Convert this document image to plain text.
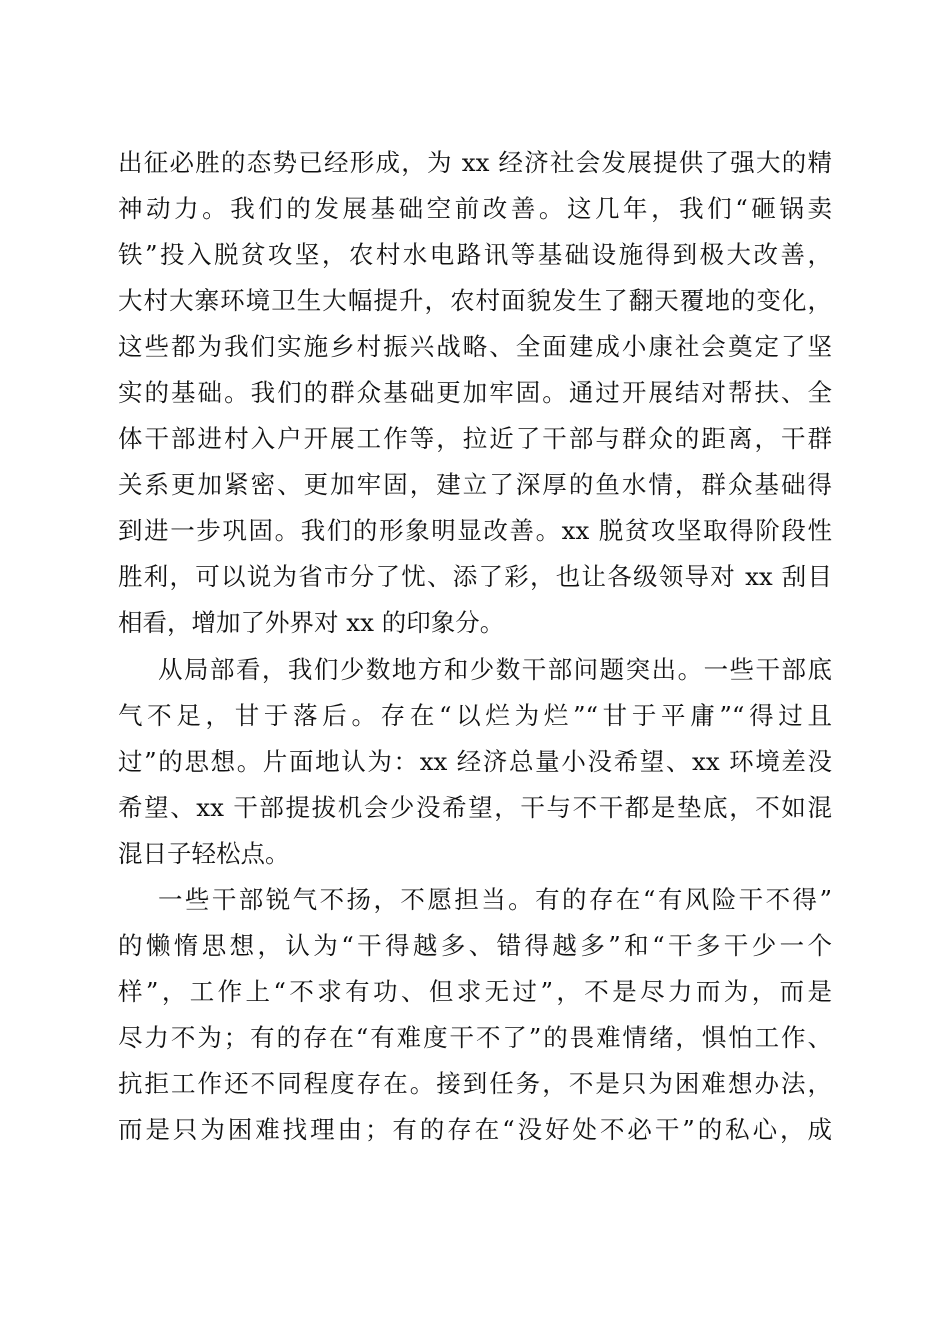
出征必胜的态势已经形成，为 xx 经济社会发展提供了强大的精
神动力。我们的发展基础空前改善。这几年，我们“砸锅卖
铁”投入脱贫攻坚，农村水电路讯等基础设施得到极大改善，
大村大寨环境卫生大幅提升，农村面貌发生了翻天覆地的变化，
这些都为我们实施乡村振兴战略、全面建成小康社会奠定了坚
实的基础。我们的群众基础更加牢固。通过开展结对帮扶、全
体干部进村入户开展工作等，拉近了干部与群众的距离，干群
关系更加紧密、更加牢固，建立了深厚的鱼水情，群众基础得
到进一步巩固。我们的形象明显改善。xx 脱贫攻坚取得阶段性
胜利，可以说为省市分了忧、添了彩，也让各级领导对 xx 刮目
相看，增加了外界对 xx 的印象分。
从局部看，我们少数地方和少数干部问题突出。一些干部底
气不足，甘于落后。存在“以烂为烂”“甘于平庸”“得过且
过”的思想。片面地认为：xx 经济总量小没希望、xx 环境差没
希望、xx 干部提拔机会少没希望，干与不干都是垫底，不如混
混日子轻松点。
一些干部锐气不扬，不愿担当。有的存在“有风险干不得”
的懒惰思想，认为“干得越多、错得越多”和“干多干少一个
样”，工作上“不求有功、但求无过”，不是尽力而为，而是
尽力不为；有的存在“有难度干不了”的畏难情绪，惧怕工作、
抗拒工作还不同程度存在。接到任务，不是只为困难想办法，
而是只为困难找理由；有的存在“没好处不必干”的私心，成
